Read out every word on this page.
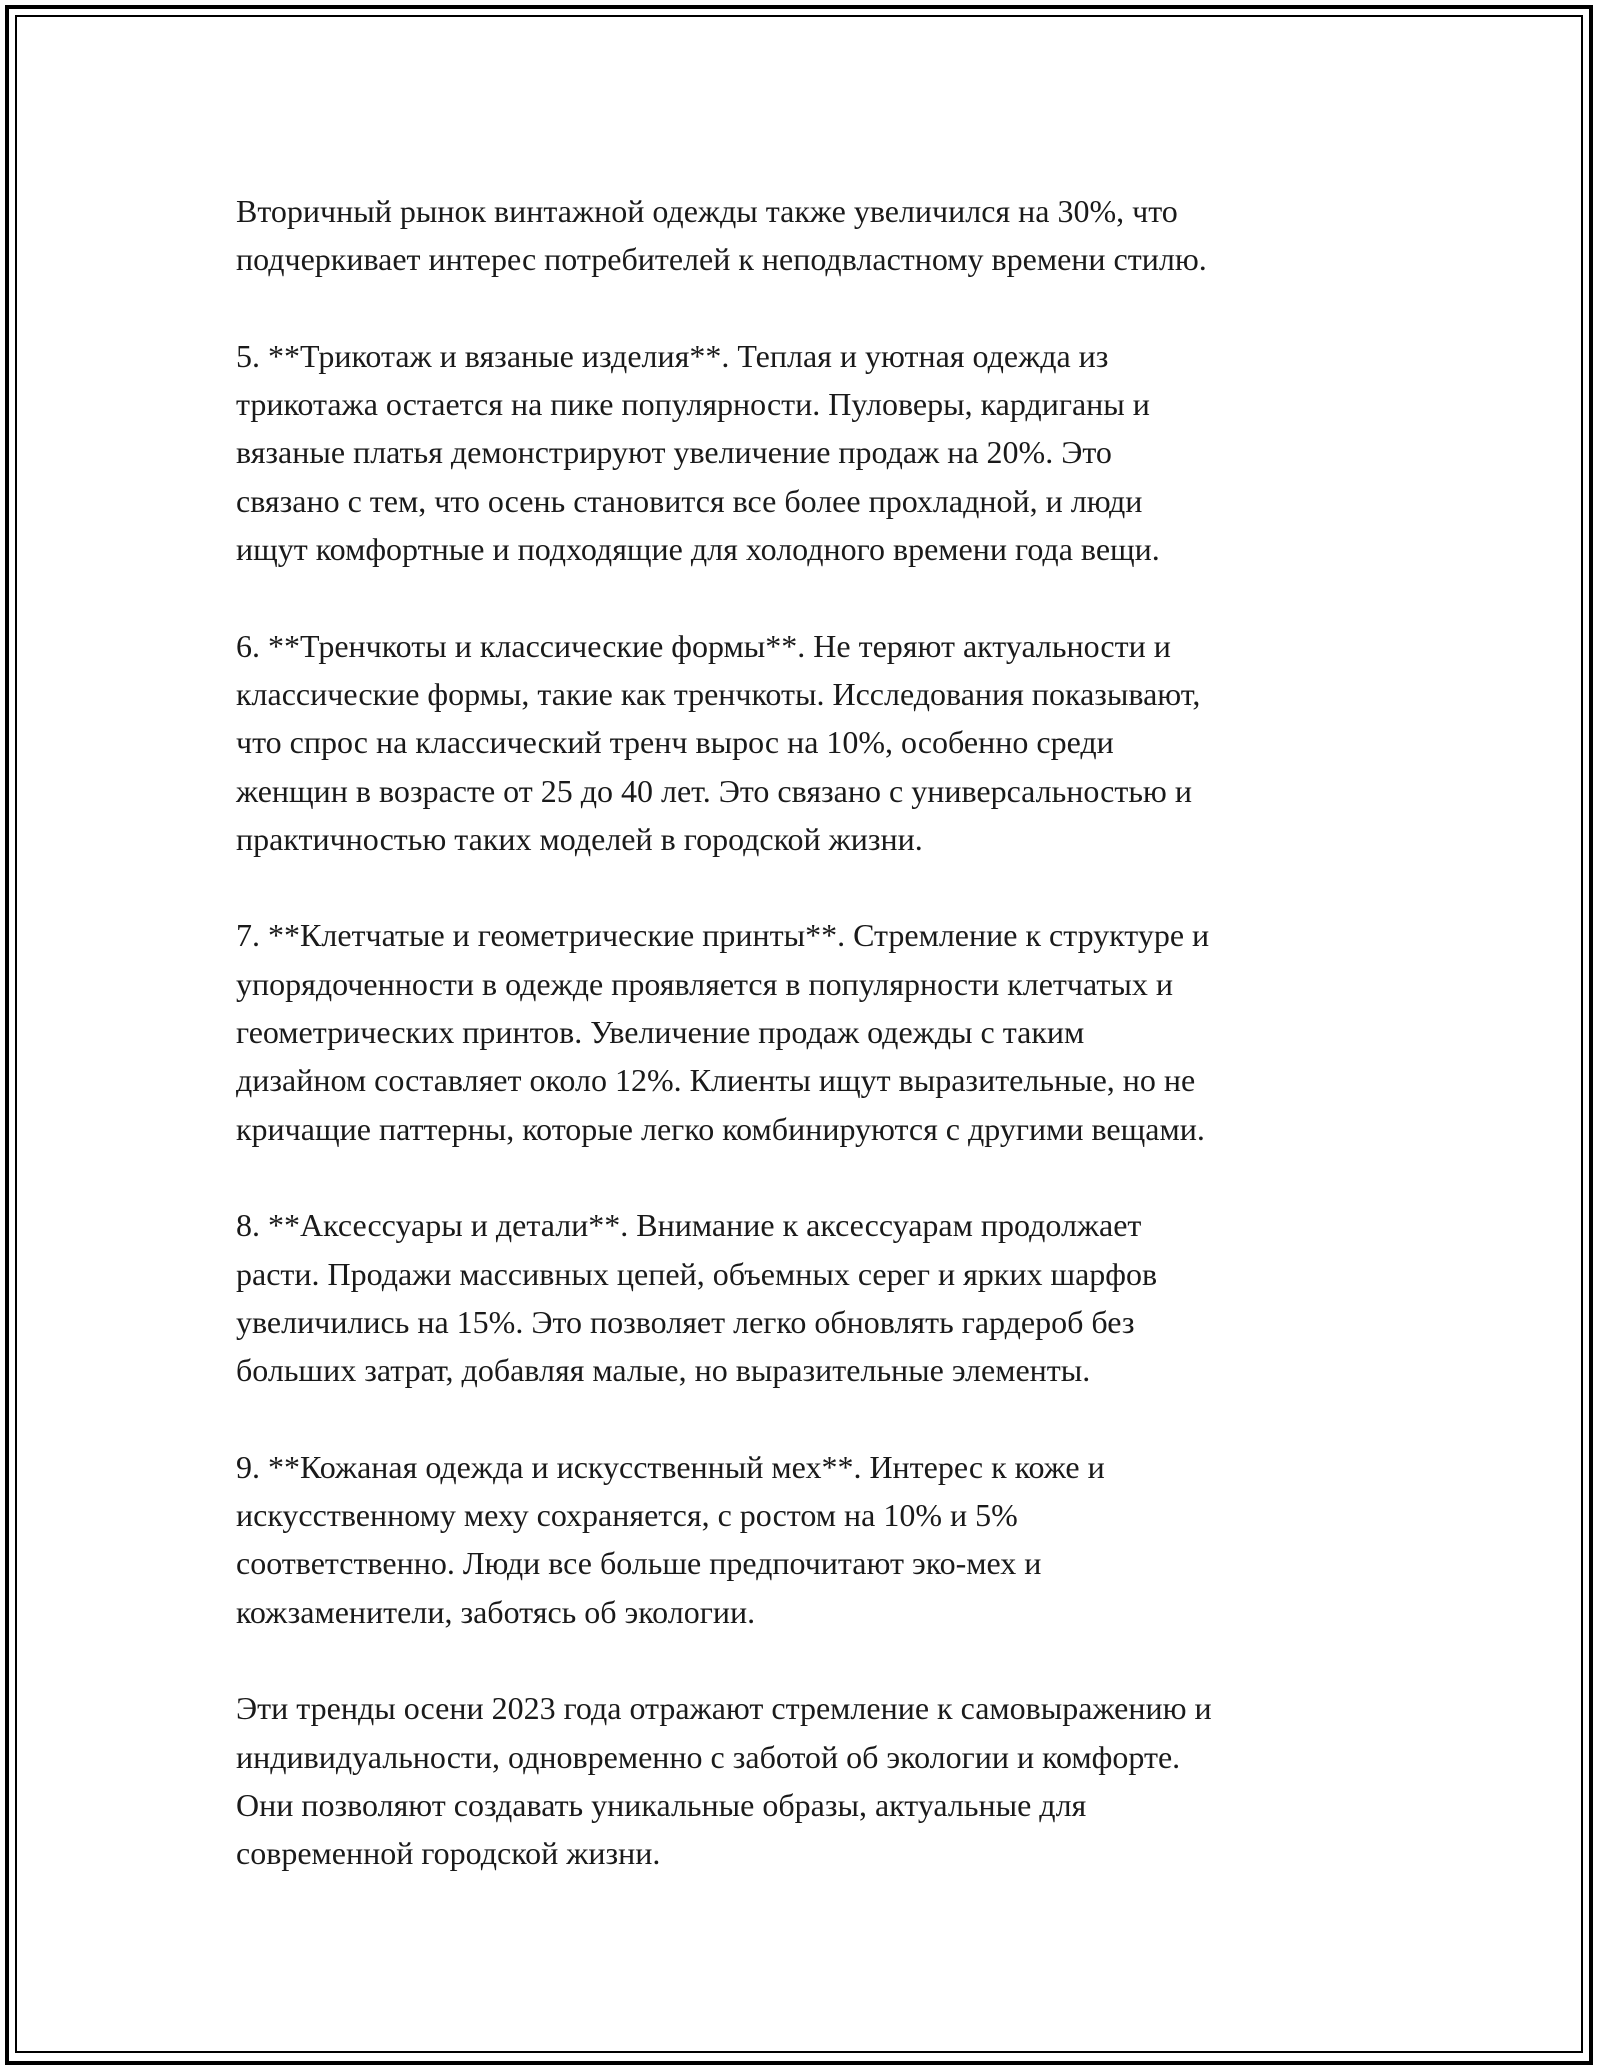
Вторичный рынок винтажной одежды также увеличился на 30%, что
подчеркивает интерес потребителей к неподвластному времени стилю.

5. **Трикотаж и вязаные изделия**. Теплая и уютная одежда из
трикотажа остается на пике популярности. Пуловеры, кардиганы и
вязаные платья демонстрируют увеличение продаж на 20%. Это
связано с тем, что осень становится все более прохладной, и люди
ищут комфортные и подходящие для холодного времени года вещи.

6. **Тренчкоты и классические формы**. Не теряют актуальности и
классические формы, такие как тренчкоты. Исследования показывают,
что спрос на классический тренч вырос на 10%, особенно среди
женщин в возрасте от 25 до 40 лет. Это связано с универсальностью и
практичностью таких моделей в городской жизни.

7. **Клетчатые и геометрические принты**. Стремление к структуре и
упорядоченности в одежде проявляется в популярности клетчатых и
геометрических принтов. Увеличение продаж одежды с таким
дизайном составляет около 12%. Клиенты ищут выразительные, но не
кричащие паттерны, которые легко комбинируются с другими вещами.

8. **Аксессуары и детали**. Внимание к аксессуарам продолжает
расти. Продажи массивных цепей, объемных серег и ярких шарфов
увеличились на 15%. Это позволяет легко обновлять гардероб без
больших затрат, добавляя малые, но выразительные элементы.

9. **Кожаная одежда и искусственный мех**. Интерес к коже и
искусственному меху сохраняется, с ростом на 10% и 5%
соответственно. Люди все больше предпочитают эко-мех и
кожзаменители, заботясь об экологии.

Эти тренды осени 2023 года отражают стремление к самовыражению и
индивидуальности, одновременно с заботой об экологии и комфорте.
Они позволяют создавать уникальные образы, актуальные для
современной городской жизни.
